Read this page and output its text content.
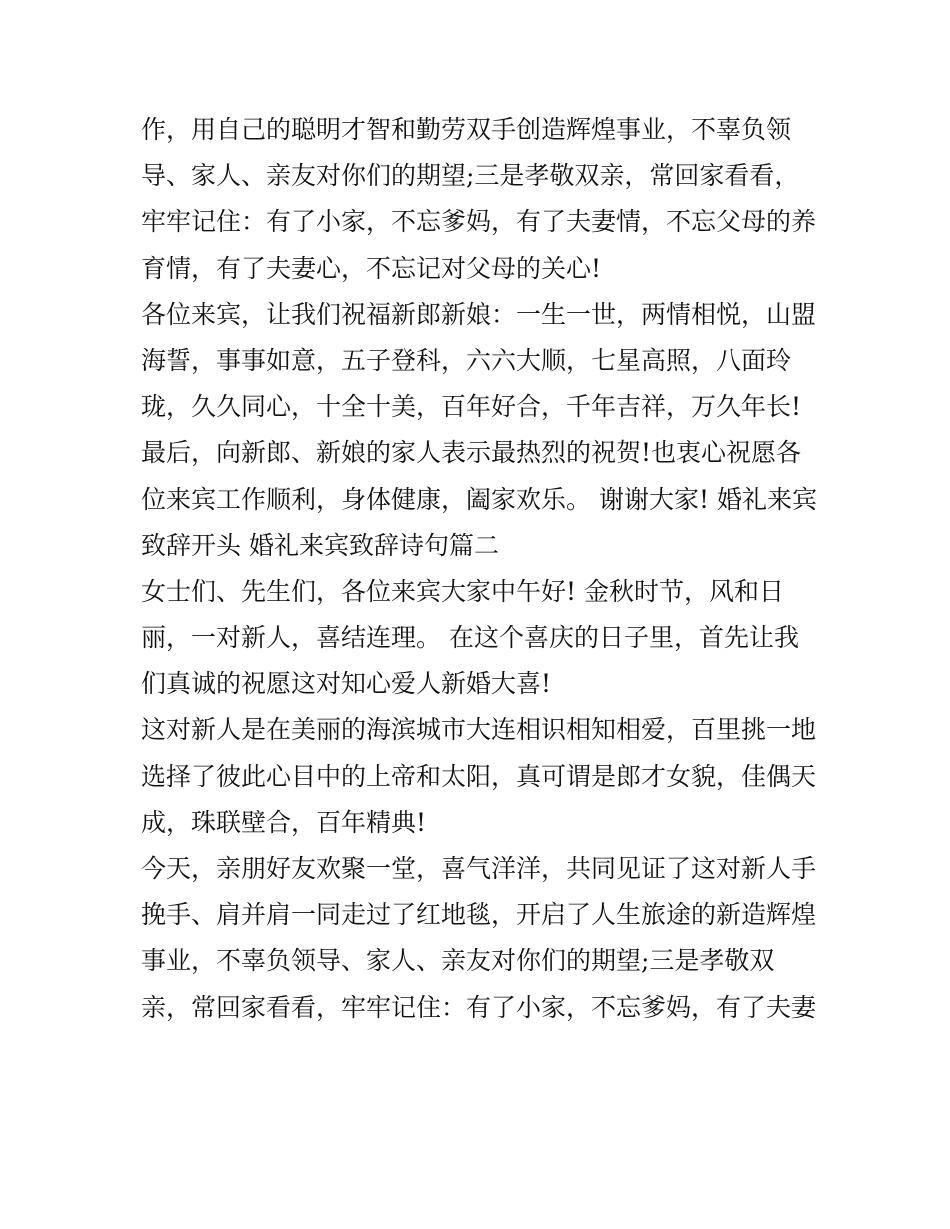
作，用自己的聪明才智和勤劳双手创造辉煌事业，不辜负领
导、家人、亲友对你们的期望;三是孝敬双亲，常回家看看，
牢牢记住：有了小家，不忘爹妈，有了夫妻情，不忘父母的养
育情，有了夫妻心，不忘记对父母的关心!
各位来宾，让我们祝福新郎新娘：一生一世，两情相悦，山盟
海誓，事事如意，五子登科，六六大顺，七星高照，八面玲
珑，久久同心，十全十美，百年好合，千年吉祥，万久年长!
最后，向新郎、新娘的家人表示最热烈的祝贺!也衷心祝愿各
位来宾工作顺利，身体健康，阖家欢乐。 谢谢大家! 婚礼来宾
致辞开头 婚礼来宾致辞诗句篇二
女士们、先生们，各位来宾大家中午好! 金秋时节，风和日
丽，一对新人，喜结连理。 在这个喜庆的日子里，首先让我
们真诚的祝愿这对知心爱人新婚大喜!
这对新人是在美丽的海滨城市大连相识相知相爱，百里挑一地
选择了彼此心目中的上帝和太阳，真可谓是郎才女貌，佳偶天
成，珠联壁合，百年精典!
今天，亲朋好友欢聚一堂，喜气洋洋，共同见证了这对新人手
挽手、肩并肩一同走过了红地毯，开启了人生旅途的新造辉煌
事业，不辜负领导、家人、亲友对你们的期望;三是孝敬双
亲，常回家看看，牢牢记住：有了小家，不忘爹妈，有了夫妻
